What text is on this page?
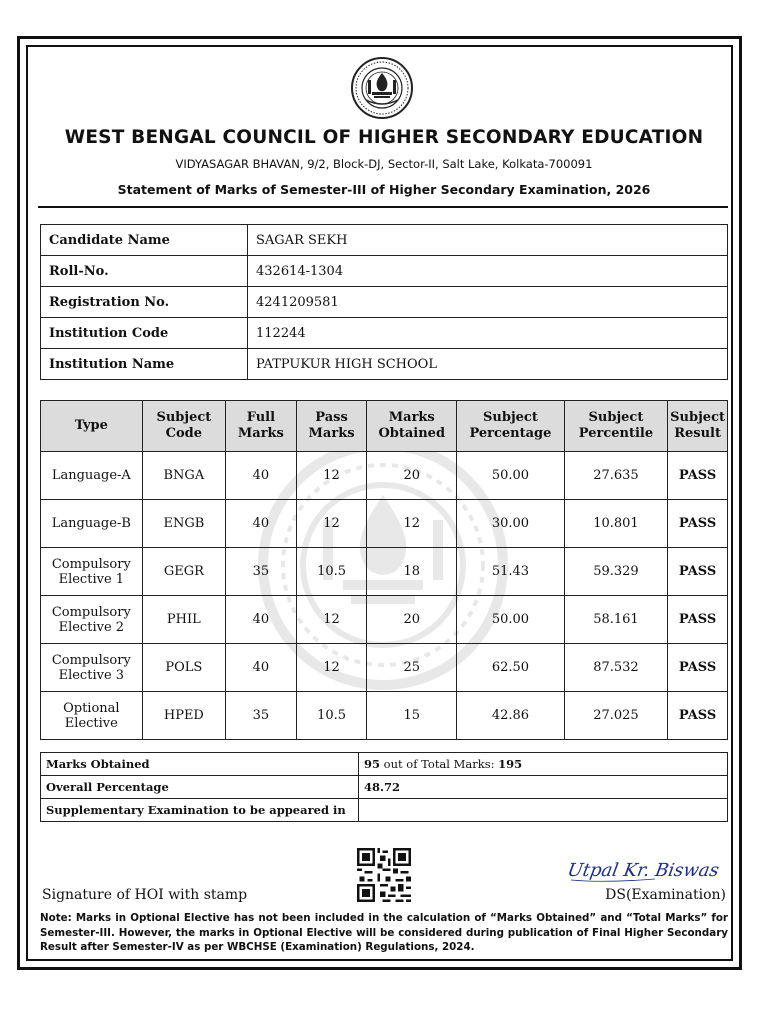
WEST BENGAL COUNCIL OF HIGHER SECONDARY EDUCATION
VIDYASAGAR BHAVAN, 9/2, Block-DJ, Sector-II, Salt Lake, Kolkata-700091
Statement of Marks of Semester-III of Higher Secondary Examination, 2026
Candidate Name	SAGAR SEKH
Roll-No.	432614-1304
Registration No.	4241209581
Institution Code	112244
Institution Name	PATPUKUR HIGH SCHOOL
Type	Subject Code	Full Marks	Pass Marks	Marks Obtained	Subject Percentage	Subject Percentile	Subject Result
Language-A	BNGA	40	12	20	50.00	27.635	PASS
Language-B	ENGB	40	12	12	30.00	10.801	PASS
Compulsory Elective 1	GEGR	35	10.5	18	51.43	59.329	PASS
Compulsory Elective 2	PHIL	40	12	20	50.00	58.161	PASS
Compulsory Elective 3	POLS	40	12	25	62.50	87.532	PASS
Optional Elective	HPED	35	10.5	15	42.86	27.025	PASS
Marks Obtained	95 out of Total Marks: 195
Overall Percentage	48.72
Supplementary Examination to be appeared in	
Utpal Kr. Biswas
Signature of HOI with stamp	DS(Examination)
Note: Marks in Optional Elective has not been included in the calculation of “Marks Obtained” and “Total Marks” for Semester-III. However, the marks in Optional Elective will be considered during publication of Final Higher Secondary Result after Semester-IV as per WBCHSE (Examination) Regulations, 2024.
